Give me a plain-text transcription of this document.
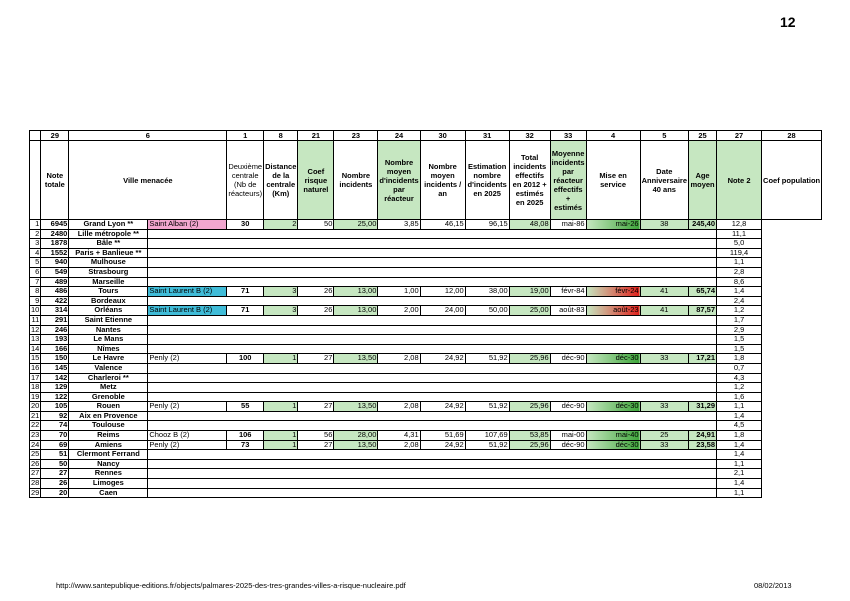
12
	29	6		1	8	21	23	24	30	31	32	33	4	5	25	27	28
	Note totale	Ville menacée		Deuxième centrale (Nb de réacteurs)	Distance de la centrale (Km)	Coef risque naturel	Nombre incidents	Nombre moyen d'incidents par réacteur	Nombre moyen incidents / an	Estimation nombre d'incidents en 2025	Total incidents effectifs en 2012 + estimés en 2025	Moyenne incidents par réacteur effectifs + estimés	Mise en service	Date Anniversaire 40 ans	Age moyen	Note 2	Coef population
1	6945	Grand Lyon **	Saint Alban (2)	30	2	50	25,00	3,85	46,15	96,15	48,08	mai-86	mai-26	38	245,40	12,8	
2	2480	Lille métropole **														11,1	
3	1878	Bâle **														5,0	
4	1552	Paris + Banlieue **														119,4	
5	940	Mulhouse														1,1	
6	549	Strasbourg														2,8	
7	489	Marseille														8,6	
8	486	Tours	Saint Laurent B (2)	71	3	26	13,00	1,00	12,00	38,00	19,00	févr-84	févr-24	41	65,74	1,4	
9	422	Bordeaux														2,4	
10	314	Orléans	Saint Laurent B (2)	71	3	26	13,00	2,00	24,00	50,00	25,00	août-83	août-23	41	87,57	1,2	
11	291	Saint Etienne														1,7	
12	246	Nantes														2,9	
13	193	Le Mans														1,5	
14	166	Nîmes														1,5	
15	150	Le Havre	Penly (2)	100	1	27	13,50	2,08	24,92	51,92	25,96	déc-90	déc-30	33	17,21	1,8	
16	145	Valence														0,7	
17	142	Charleroi **														4,3	
18	129	Metz														1,2	
19	122	Grenoble														1,6	
20	105	Rouen	Penly (2)	55	1	27	13,50	2,08	24,92	51,92	25,96	déc-90	déc-30	33	31,29	1,1	
21	92	Aix en Provence														1,4	
22	74	Toulouse														4,5	
23	70	Reims	Chooz B (2)	106	1	56	28,00	4,31	51,69	107,69	53,85	mai-00	mai-40	25	24,91	1,8	
24	69	Amiens	Penly (2)	73	1	27	13,50	2,08	24,92	51,92	25,96	déc-90	déc-30	33	23,58	1,4	
25	51	Clermont Ferrand														1,4	
26	50	Nancy														1,1	
27	27	Rennes														2,1	
28	26	Limoges														1,4	
29	20	Caen														1,1	
http://www.santepublique-editions.fr/objects/palmares-2025-des-tres-grandes-villes-a-risque-nucleaire.pdf	08/02/2013
